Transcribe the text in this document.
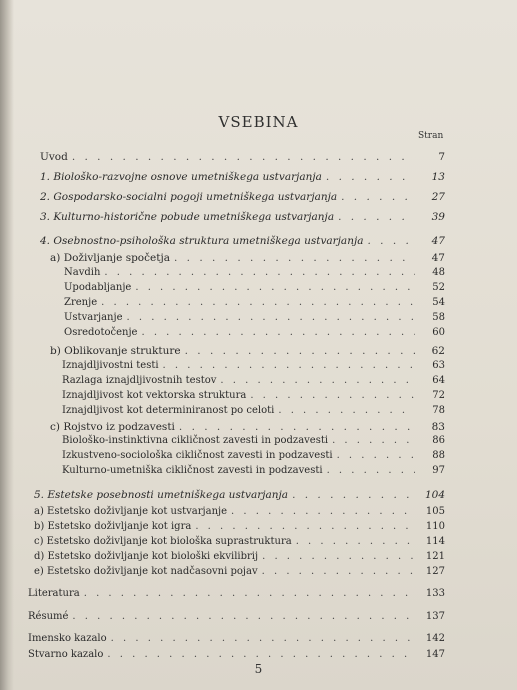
VSEBINA
Stran
Uvod . . .	7
1. Biološko-razvojne osnove umetniškega ustvarjanja . . .	13
2. Gospodarsko-socialni pogoji umetniškega ustvarjanja . . .	27
3. Kulturno-historične pobude umetniškega ustvarjanja . . .	39
4. Osebnostno-psihološka struktura umetniškega ustvarjanja . . .	47
a) Doživljanje spočetja . . .	47
Navdih . . .	48
Upodabljanje . . .	52
Zrenje . . .	54
Ustvarjanje . . .	58
Osredotočenje . . .	60
b) Oblikovanje strukture . . .	62
Iznajdljivostni testi . . .	63
Razlaga iznajdljivostnih testov . . .	64
Iznajdljivost kot vektorska struktura . . .	72
Iznajdljivost kot determiniranost po celoti . . .	78
c) Rojstvo iz podzavesti . . .	83
Biološko-instinktivna cikličnost zavesti in podzavesti . . .	86
Izkustveno-sociološka cikličnost zavesti in podzavesti . . .	88
Kulturno-umetniška cikličnost zavesti in podzavesti . . .	97
5. Estetske posebnosti umetniškega ustvarjanja . . .	104
a) Estetsko doživljanje kot ustvarjanje . . .	105
b) Estetsko doživljanje kot igra . . .	110
c) Estetsko doživljanje kot biološka suprastruktura . . .	114
d) Estetsko doživljanje kot biološki ekvilibrij . . .	121
e) Estetsko doživljanje kot nadčasovni pojav . . .	127
Literatura . . .	133
Résumé . . .	137
Imensko kazalo . . .	142
Stvarno kazalo . . .	147
5
